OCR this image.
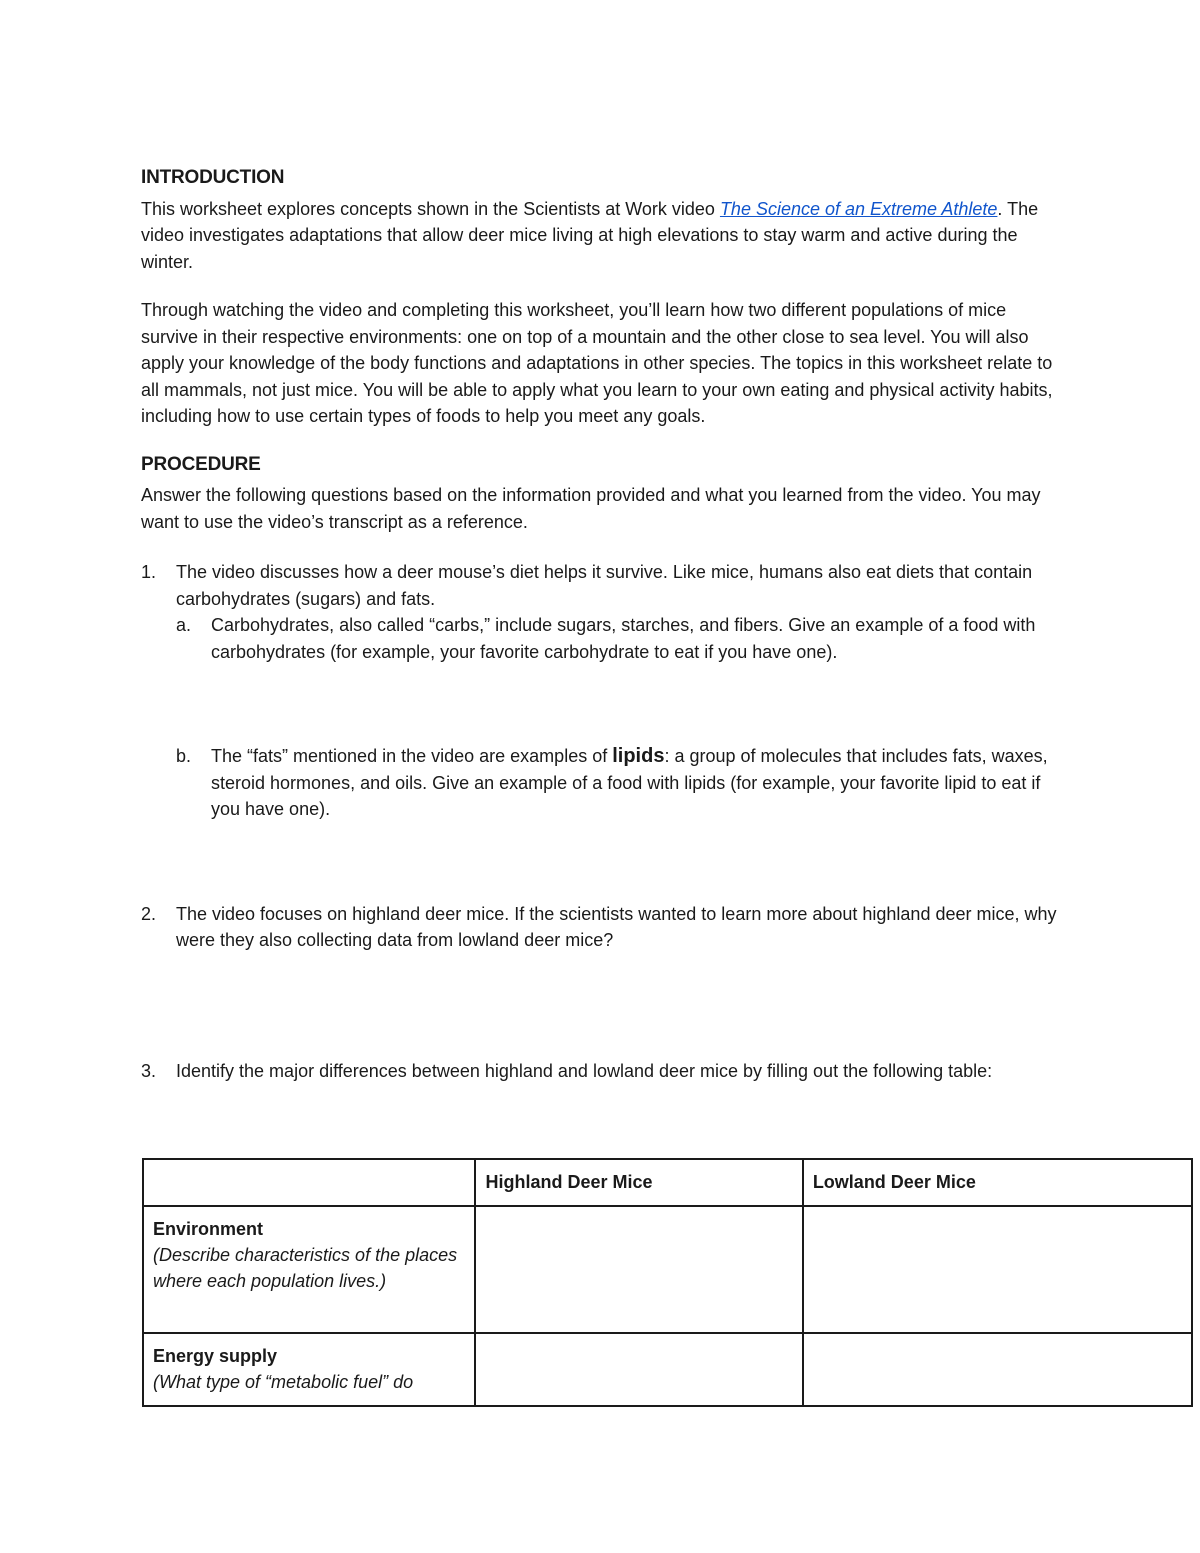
INTRODUCTION

This worksheet explores concepts shown in the Scientists at Work video The Science of an Extreme Athlete. The video investigates adaptations that allow deer mice living at high elevations to stay warm and active during the winter.

Through watching the video and completing this worksheet, you’ll learn how two different populations of mice survive in their respective environments: one on top of a mountain and the other close to sea level. You will also apply your knowledge of the body functions and adaptations in other species. The topics in this worksheet relate to all mammals, not just mice. You will be able to apply what you learn to your own eating and physical activity habits, including how to use certain types of foods to help you meet any goals.

PROCEDURE

Answer the following questions based on the information provided and what you learned from the video. You may want to use the video’s transcript as a reference.

1.	The video discusses how a deer mouse’s diet helps it survive. Like mice, humans also eat diets that contain carbohydrates (sugars) and fats.

a.	Carbohydrates, also called “carbs,” include sugars, starches, and fibers. Give an example of a food with carbohydrates (for example, your favorite carbohydrate to eat if you have one).

b.	The “fats” mentioned in the video are examples of lipids: a group of molecules that includes fats, waxes, steroid hormones, and oils. Give an example of a food with lipids (for example, your favorite lipid to eat if you have one).

2.	The video focuses on highland deer mice. If the scientists wanted to learn more about highland deer mice, why were they also collecting data from lowland deer mice?

3.	Identify the major differences between highland and lowland deer mice by filling out the following table:

	Highland Deer Mice	Lowland Deer Mice

Environment
(Describe characteristics of the places where each population lives.)		

Energy supply
(What type of “metabolic fuel” do		
